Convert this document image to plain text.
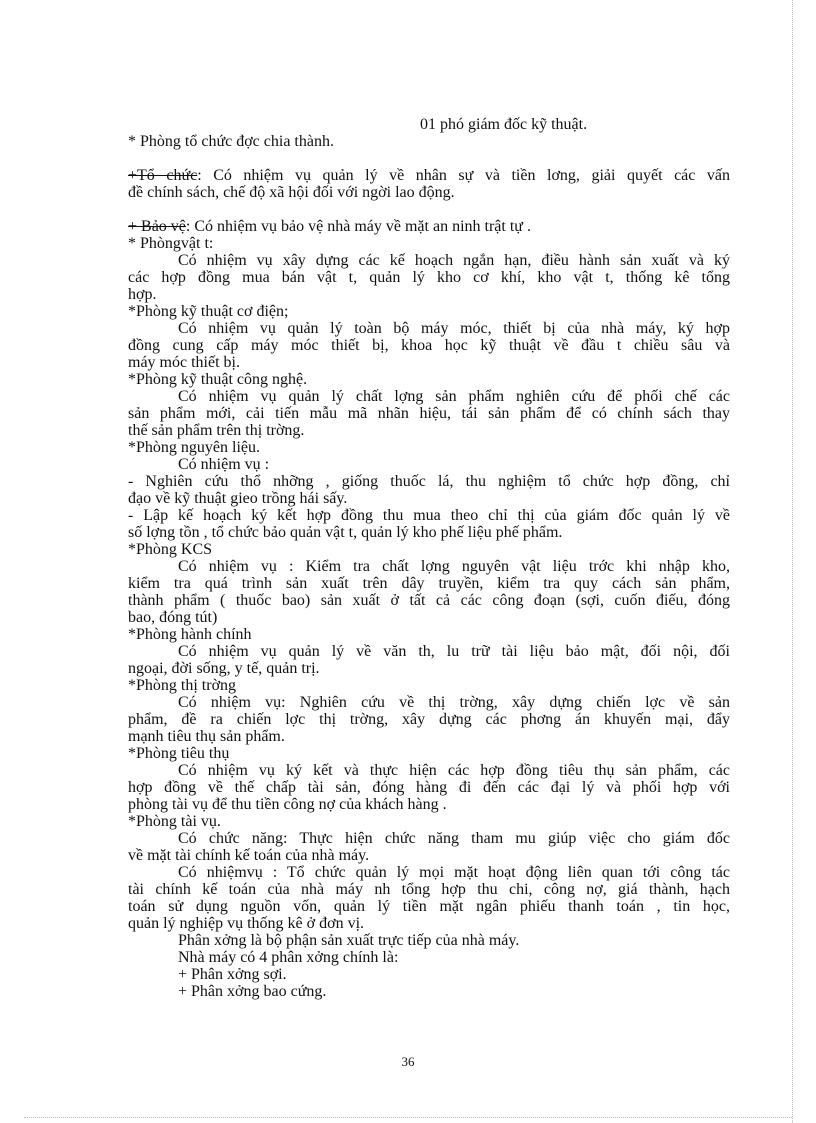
01 phó giám đốc kỹ thuật.
* Phòng tổ chức đợc chia thành.
+Tổ chức: Có nhiệm vụ quản lý về nhân sự và tiền lơng, giải quyết các vấn
đề chính sách, chế độ xã hội đối với ngời lao động.
+ Bảo vệ: Có nhiệm vụ bảo vệ nhà máy về mặt an ninh trật tự .
* Phòngvật t:
Có nhiệm vụ xây dựng các kế hoạch ngắn hạn, điều hành sản xuất và ký
các hợp đồng mua bán vật t, quản lý kho cơ khí, kho vật t, thống kê tổng
hợp.
*Phòng kỹ thuật cơ điện;
Có nhiệm vụ quản lý toàn bộ máy móc, thiết bị của nhà máy, ký hợp
đồng cung cấp máy móc thiết bị, khoa học kỹ thuật về đầu t chiều sâu và
máy móc thiết bị.
*Phòng kỹ thuật công nghệ.
Có nhiệm vụ quản lý chất lợng sản phẩm nghiên cứu để phối chế các
sản phẩm mới, cải tiến mẫu mã nhãn hiệu, tái sản phẩm để có chính sách thay
thế sản phẩm trên thị trờng.
*Phòng nguyên liệu.
Có nhiệm vụ :
- Nghiên cứu thổ nhỡng , giống thuốc lá, thu nghiệm tổ chức hợp đồng, chỉ
đạo về kỹ thuật gieo trồng hái sấy.
- Lập kế hoạch ký kết hợp đồng thu mua theo chỉ thị của giám đốc quản lý về
số lợng tồn , tổ chức bảo quản vật t, quản lý kho phế liệu phế phẩm.
*Phòng KCS
Có nhiệm vụ : Kiểm tra chất lợng nguyên vật liệu trớc khi nhập kho,
kiểm tra quá trình sản xuất trên dây truyền, kiểm tra quy cách sản phẩm,
thành phẩm ( thuốc bao) sản xuất ở tất cả các công đoạn (sợi, cuốn điếu, đóng
bao, đóng tút)
*Phòng hành chính
Có nhiệm vụ quản lý về văn th, lu trữ tài liệu bảo mật, đối nội, đối
ngoại, đời sống, y tế, quản trị.
*Phòng thị trờng
Có nhiệm vụ: Nghiên cứu về thị trờng, xây dựng chiến lợc về sản
phẩm, đề ra chiến lợc thị trờng, xây dựng các phơng án khuyến mại, đẩy
mạnh tiêu thụ sản phẩm.
*Phòng tiêu thụ
Có nhiệm vụ ký kết và thực hiện các hợp đồng tiêu thụ sản phẩm, các
hợp đồng về thế chấp tài sản, đóng hàng đi đến các đại lý và phối hợp với
phòng tài vụ để thu tiền công nợ của khách hàng .
*Phòng tài vụ.
Có chức năng: Thực hiện chức năng tham mu giúp việc cho giám đốc
về mặt tài chính kế toán của nhà máy.
Có nhiệmvụ : Tổ chức quản lý mọi mặt hoạt động liên quan tới công tác
tài chính kế toán của nhà máy nh tổng hợp thu chi, công nợ, giá thành, hạch
toán sử dụng nguồn vốn, quản lý tiền mặt ngân phiếu thanh toán , tin học,
quản lý nghiệp vụ thống kê ở đơn vị.
Phân xởng là bộ phận sản xuất trực tiếp của nhà máy.
Nhà máy có 4 phân xởng chính là:
+ Phân xởng sợi.
+ Phân xởng bao cứng.
36
